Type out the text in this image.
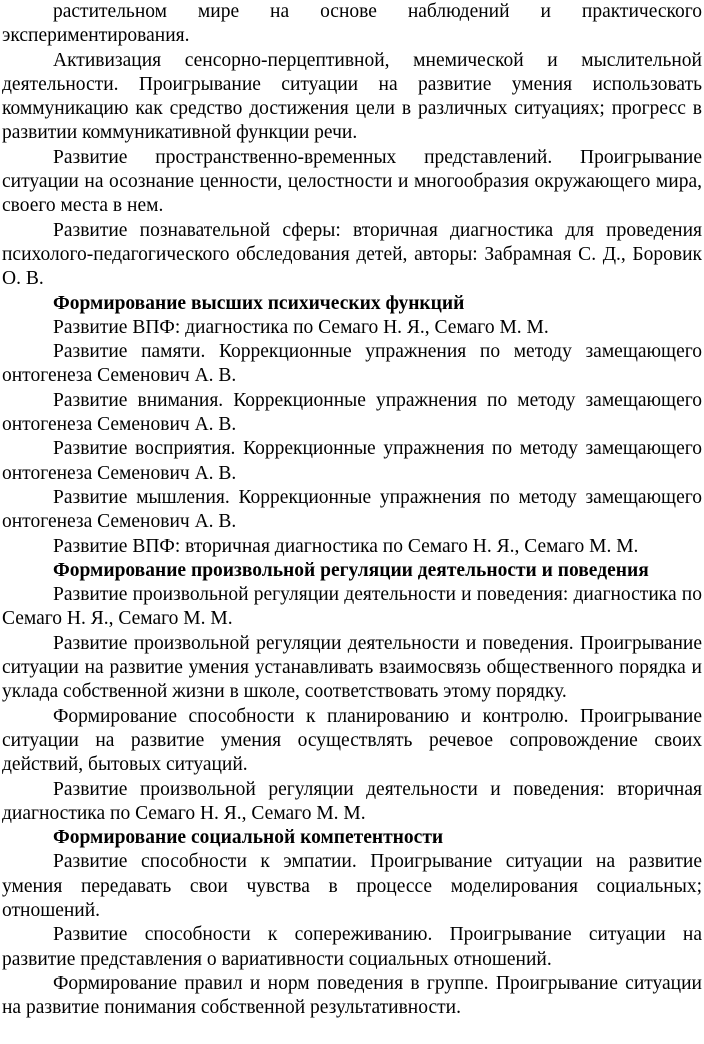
растительном мире на основе наблюдений и практического экспериментирования.

Активизация сенсорно-перцептивной, мнемической и мыслительной деятельности. Проигрывание ситуации на развитие умения использовать коммуникацию как средство достижения цели в различных ситуациях; прогресс в развитии коммуникативной функции речи.

Развитие пространственно-временных представлений. Проигрывание ситуации на осознание ценности, целостности и многообразия окружающего мира, своего места в нем.

Развитие познавательной сферы: вторичная диагностика для проведения психолого-педагогического обследования детей, авторы: Забрамная С. Д., Боровик О. В.

Формирование высших психических функций

Развитие ВПФ: диагностика по Семаго Н. Я., Семаго М. М.

Развитие памяти. Коррекционные упражнения по методу замещающего онтогенеза Семенович А. В.

Развитие внимания. Коррекционные упражнения по методу замещающего онтогенеза Семенович А. В.

Развитие восприятия. Коррекционные упражнения по методу замещающего онтогенеза Семенович А. В.

Развитие мышления. Коррекционные упражнения по методу замещающего онтогенеза Семенович А. В.

Развитие ВПФ: вторичная диагностика по Семаго Н. Я., Семаго М. М.

Формирование произвольной регуляции деятельности и поведения

Развитие произвольной регуляции деятельности и поведения: диагностика по Семаго Н. Я., Семаго М. М.

Развитие произвольной регуляции деятельности и поведения. Проигрывание ситуации на развитие умения устанавливать взаимосвязь общественного порядка и уклада собственной жизни в школе, соответствовать этому порядку.

Формирование способности к планированию и контролю. Проигрывание ситуации на развитие умения осуществлять речевое сопровождение своих действий, бытовых ситуаций.

Развитие произвольной регуляции деятельности и поведения: вторичная диагностика по Семаго Н. Я., Семаго М. М.

Формирование социальной компетентности

Развитие способности к эмпатии. Проигрывание ситуации на развитие умения передавать свои чувства в процессе моделирования социальных; отношений.

Развитие способности к сопереживанию. Проигрывание ситуации на развитие представления о вариативности социальных отношений.

Формирование правил и норм поведения в группе. Проигрывание ситуации на развитие понимания собственной результативности.
